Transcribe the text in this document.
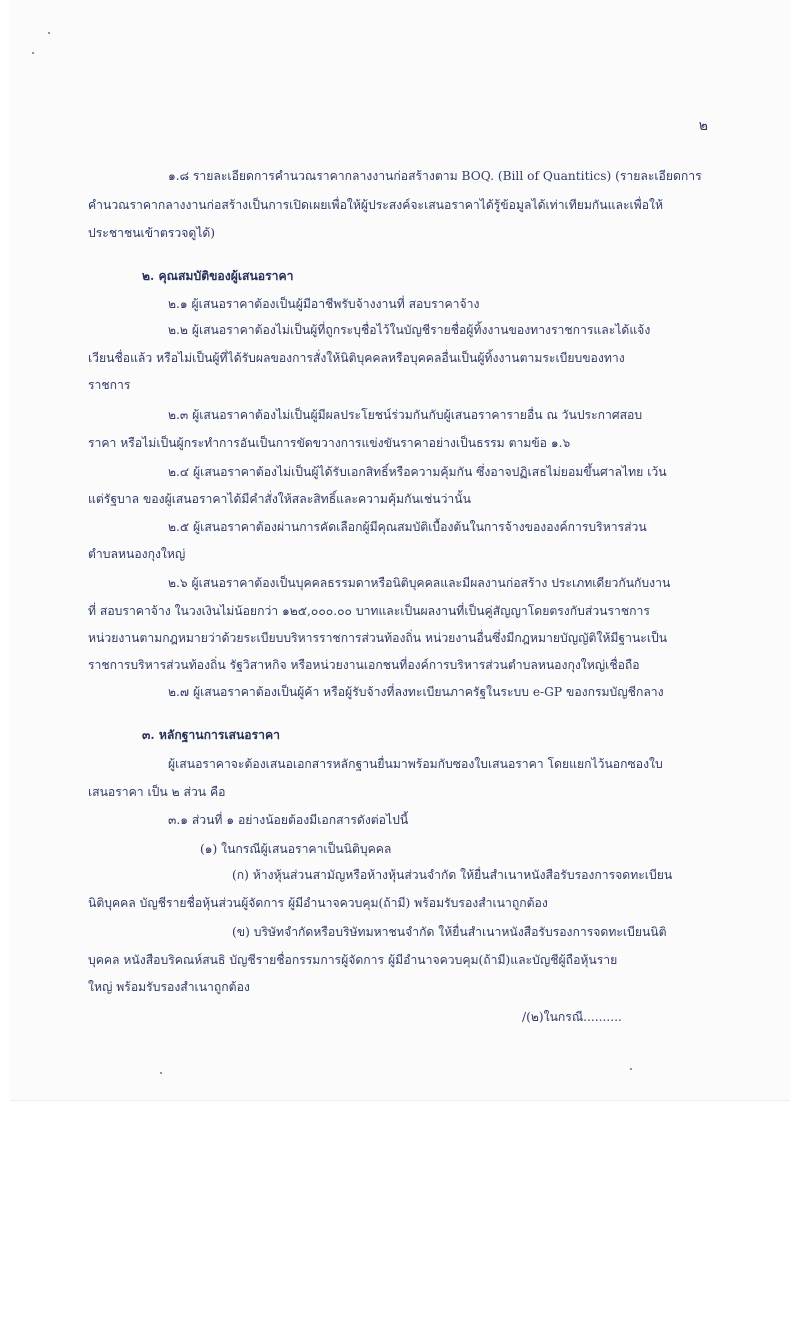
๒
๑.๘ รายละเอียดการคำนวณราคากลางงานก่อสร้างตาม BOQ. (Bill of Quantitics) (รายละเอียดการ
คำนวณราคากลางงานก่อสร้างเป็นการเปิดเผยเพื่อให้ผู้ประสงค์จะเสนอราคาได้รู้ข้อมูลได้เท่าเทียมกันและเพื่อให้
ประชาชนเข้าตรวจดูได้)
๒. คุณสมบัติของผู้เสนอราคา
๒.๑ ผู้เสนอราคาต้องเป็นผู้มีอาชีพรับจ้างงานที่ สอบราคาจ้าง
๒.๒ ผู้เสนอราคาต้องไม่เป็นผู้ที่ถูกระบุชื่อไว้ในบัญชีรายชื่อผู้ทิ้งงานของทางราชการและได้แจ้ง
เวียนชื่อแล้ว หรือไม่เป็นผู้ที่ได้รับผลของการสั่งให้นิติบุคคลหรือบุคคลอื่นเป็นผู้ทิ้งงานตามระเบียบของทาง
ราชการ
๒.๓ ผู้เสนอราคาต้องไม่เป็นผู้มีผลประโยชน์ร่วมกันกับผู้เสนอราคารายอื่น ณ วันประกาศสอบ
ราคา หรือไม่เป็นผู้กระทำการอันเป็นการขัดขวางการแข่งขันราคาอย่างเป็นธรรม ตามข้อ ๑.๖
๒.๔ ผู้เสนอราคาต้องไม่เป็นผู้ได้รับเอกสิทธิ์หรือความคุ้มกัน ซึ่งอาจปฏิเสธไม่ยอมขึ้นศาลไทย เว้น
แต่รัฐบาล ของผู้เสนอราคาได้มีคำสั่งให้สละสิทธิ์และความคุ้มกันเช่นว่านั้น
๒.๕ ผู้เสนอราคาต้องผ่านการคัดเลือกผู้มีคุณสมบัติเบื้องต้นในการจ้างขององค์การบริหารส่วน
ตำบลหนองกุงใหญ่
๒.๖ ผู้เสนอราคาต้องเป็นบุคคลธรรมดาหรือนิติบุคคลและมีผลงานก่อสร้าง ประเภทเดียวกันกับงาน
ที่ สอบราคาจ้าง ในวงเงินไม่น้อยกว่า ๑๒๕,๐๐๐.๐๐ บาทและเป็นผลงานที่เป็นคู่สัญญาโดยตรงกับส่วนราชการ
หน่วยงานตามกฎหมายว่าด้วยระเบียบบริหารราชการส่วนท้องถิ่น หน่วยงานอื่นซึ่งมีกฎหมายบัญญัติให้มีฐานะเป็น
ราชการบริหารส่วนท้องถิ่น รัฐวิสาหกิจ หรือหน่วยงานเอกชนที่องค์การบริหารส่วนตำบลหนองกุงใหญ่เชื่อถือ
๒.๗ ผู้เสนอราคาต้องเป็นผู้ค้า หรือผู้รับจ้างที่ลงทะเบียนภาครัฐในระบบ e-GP ของกรมบัญชีกลาง
๓. หลักฐานการเสนอราคา
ผู้เสนอราคาจะต้องเสนอเอกสารหลักฐานยื่นมาพร้อมกับซองใบเสนอราคา โดยแยกไว้นอกซองใบ
เสนอราคา เป็น ๒ ส่วน คือ
๓.๑ ส่วนที่ ๑ อย่างน้อยต้องมีเอกสารดังต่อไปนี้
(๑) ในกรณีผู้เสนอราคาเป็นนิติบุคคล
(ก) ห้างหุ้นส่วนสามัญหรือห้างหุ้นส่วนจำกัด ให้ยื่นสำเนาหนังสือรับรองการจดทะเบียน
นิติบุคคล บัญชีรายชื่อหุ้นส่วนผู้จัดการ ผู้มีอำนาจควบคุม(ถ้ามี) พร้อมรับรองสำเนาถูกต้อง
(ข) บริษัทจำกัดหรือบริษัทมหาชนจำกัด ให้ยื่นสำเนาหนังสือรับรองการจดทะเบียนนิติ
บุคคล หนังสือบริคณห์สนธิ บัญชีรายชื่อกรรมการผู้จัดการ ผู้มีอำนาจควบคุม(ถ้ามี)และบัญชีผู้ถือหุ้นราย
ใหญ่ พร้อมรับรองสำเนาถูกต้อง
/(๒)ในกรณี..........
